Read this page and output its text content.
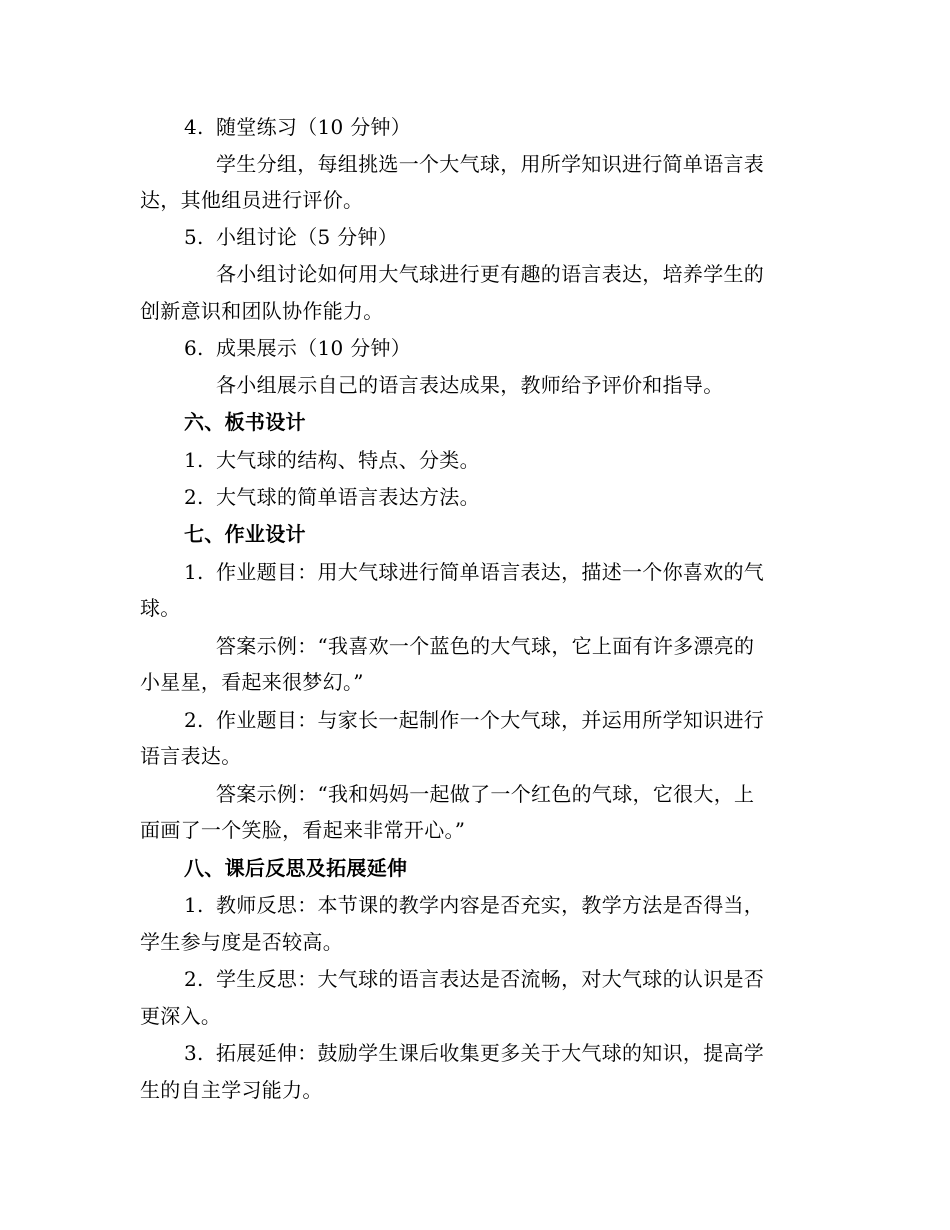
4. 随堂练习（10 分钟）
学生分组，每组挑选一个大气球，用所学知识进行简单语言表
达，其他组员进行评价。
5. 小组讨论（5 分钟）
各小组讨论如何用大气球进行更有趣的语言表达，培养学生的
创新意识和团队协作能力。
6. 成果展示（10 分钟）
各小组展示自己的语言表达成果，教师给予评价和指导。
六、板书设计
1. 大气球的结构、特点、分类。
2. 大气球的简单语言表达方法。
七、作业设计
1. 作业题目：用大气球进行简单语言表达，描述一个你喜欢的气
球。
答案示例：“我喜欢一个蓝色的大气球，它上面有许多漂亮的
小星星，看起来很梦幻。”
2. 作业题目：与家长一起制作一个大气球，并运用所学知识进行
语言表达。
答案示例：“我和妈妈一起做了一个红色的气球，它很大，上
面画了一个笑脸，看起来非常开心。”
八、课后反思及拓展延伸
1. 教师反思：本节课的教学内容是否充实，教学方法是否得当，
学生参与度是否较高。
2. 学生反思：大气球的语言表达是否流畅，对大气球的认识是否
更深入。
3. 拓展延伸：鼓励学生课后收集更多关于大气球的知识，提高学
生的自主学习能力。
